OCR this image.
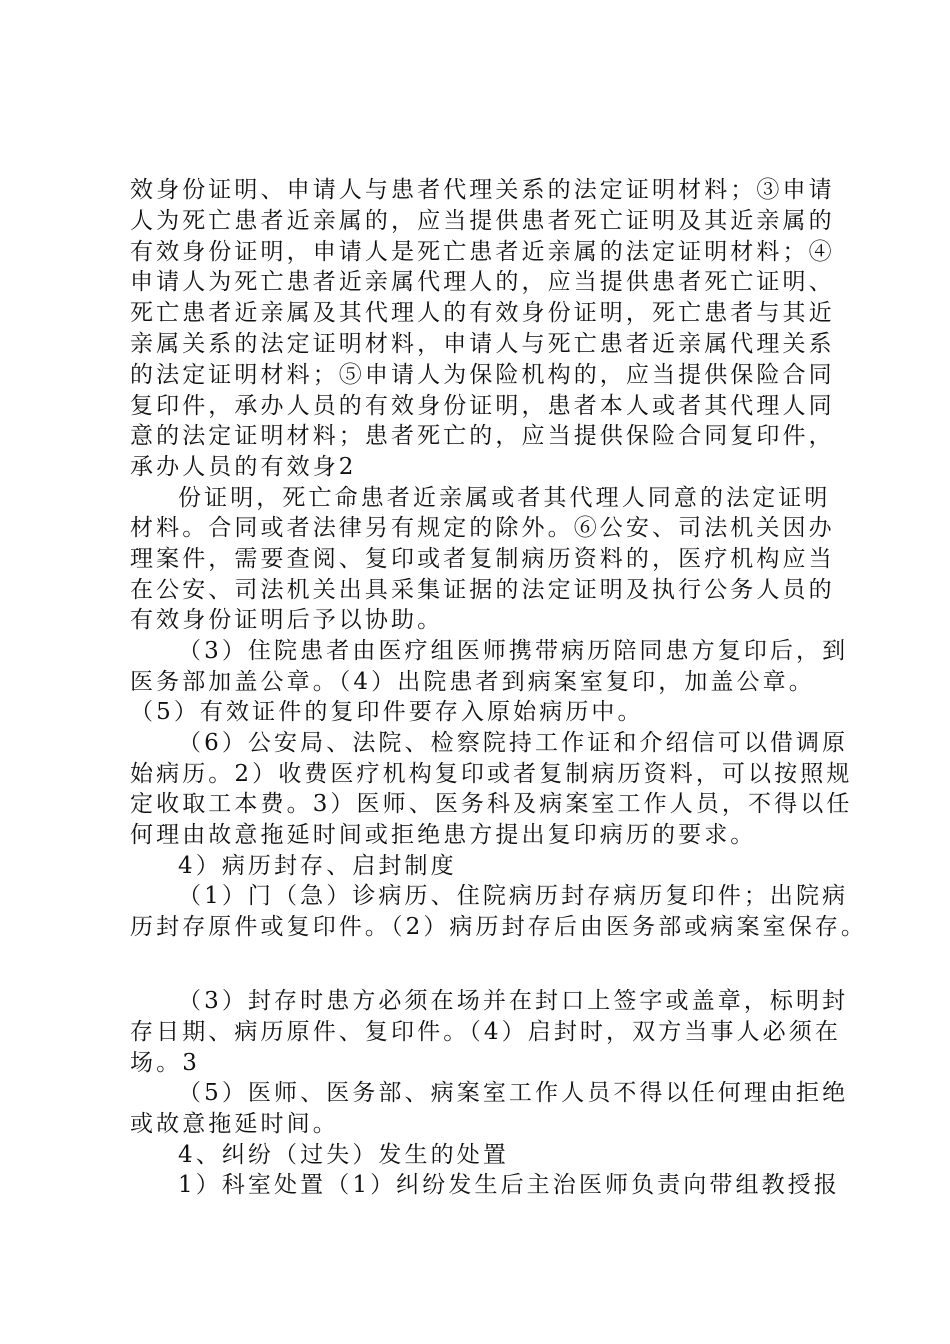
效身份证明、申请人与患者代理关系的法定证明材料；③申请
人为死亡患者近亲属的，应当提供患者死亡证明及其近亲属的
有效身份证明，申请人是死亡患者近亲属的法定证明材料；④
申请人为死亡患者近亲属代理人的，应当提供患者死亡证明、
死亡患者近亲属及其代理人的有效身份证明，死亡患者与其近
亲属关系的法定证明材料，申请人与死亡患者近亲属代理关系
的法定证明材料；⑤申请人为保险机构的，应当提供保险合同
复印件，承办人员的有效身份证明，患者本人或者其代理人同
意的法定证明材料；患者死亡的，应当提供保险合同复印件，
承办人员的有效身2
份证明，死亡命患者近亲属或者其代理人同意的法定证明
材料。合同或者法律另有规定的除外。⑥公安、司法机关因办
理案件，需要查阅、复印或者复制病历资料的，医疗机构应当
在公安、司法机关出具采集证据的法定证明及执行公务人员的
有效身份证明后予以协助。
（3）住院患者由医疗组医师携带病历陪同患方复印后，到
医务部加盖公章。（4）出院患者到病案室复印，加盖公章。
（5）有效证件的复印件要存入原始病历中。
（6）公安局、法院、检察院持工作证和介绍信可以借调原
始病历。2）收费医疗机构复印或者复制病历资料，可以按照规
定收取工本费。3）医师、医务科及病案室工作人员，不得以任
何理由故意拖延时间或拒绝患方提出复印病历的要求。
4）病历封存、启封制度
（1）门（急）诊病历、住院病历封存病历复印件；出院病
历封存原件或复印件。（2）病历封存后由医务部或病案室保存。
（3）封存时患方必须在场并在封口上签字或盖章，标明封
存日期、病历原件、复印件。（4）启封时，双方当事人必须在
场。3
（5）医师、医务部、病案室工作人员不得以任何理由拒绝
或故意拖延时间。
4、纠纷（过失）发生的处置
1）科室处置（1）纠纷发生后主治医师负责向带组教授报
